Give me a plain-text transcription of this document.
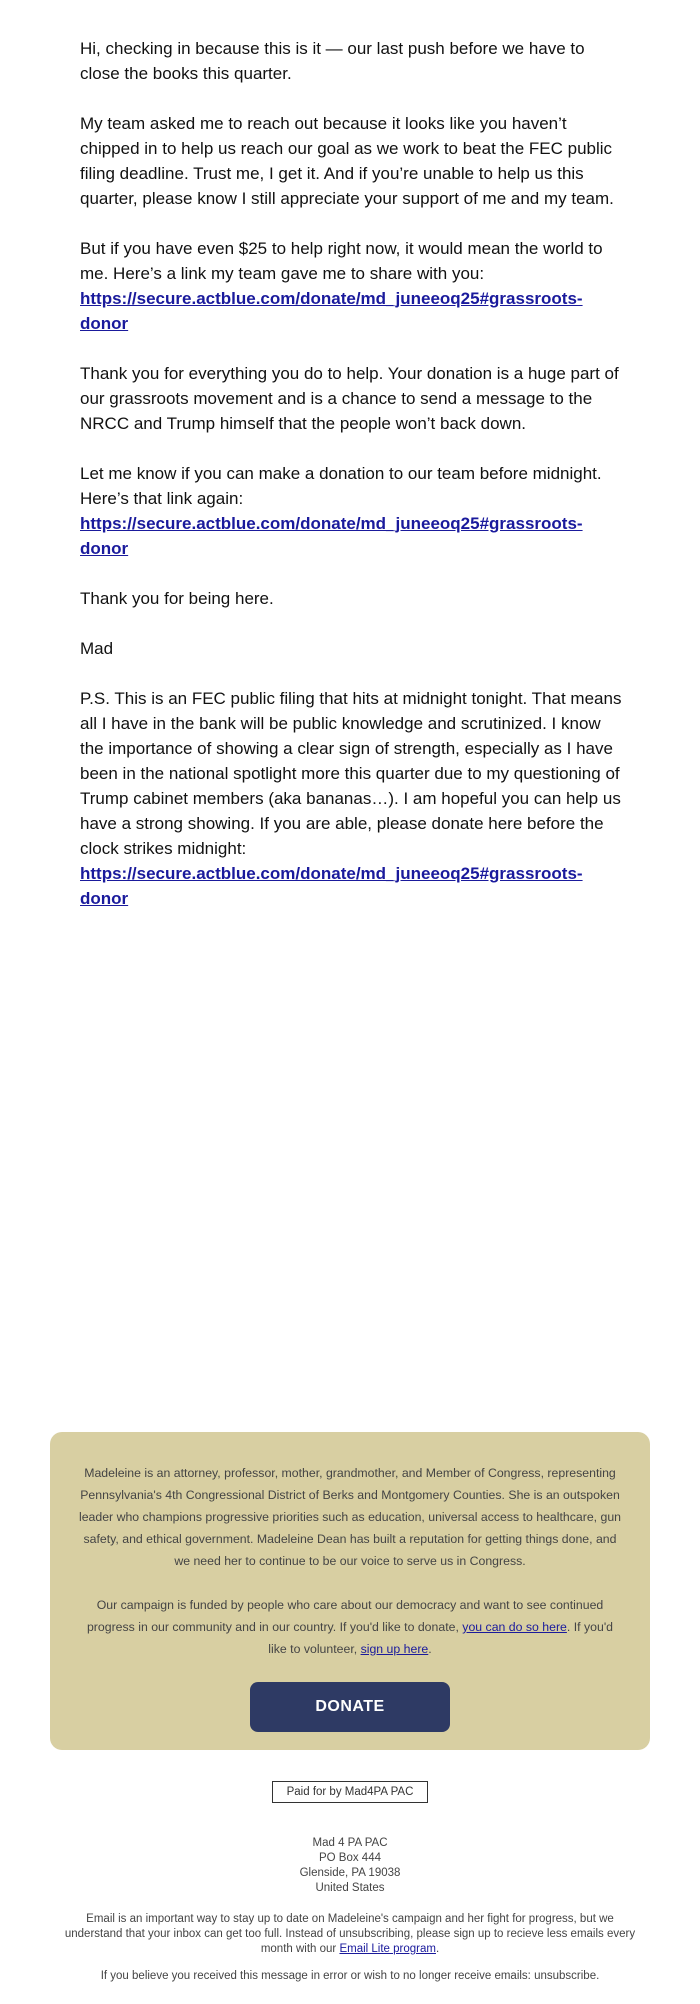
Hi, checking in because this is it — our last push before we have to close the books this quarter.

My team asked me to reach out because it looks like you haven’t chipped in to help us reach our goal as we work to beat the FEC public filing deadline. Trust me, I get it. And if you’re unable to help us this quarter, please know I still appreciate your support of me and my team.

But if you have even $25 to help right now, it would mean the world to me. Here’s a link my team gave me to share with you:
https://secure.actblue.com/donate/md_juneeoq25#grassroots-donor

Thank you for everything you do to help. Your donation is a huge part of our grassroots movement and is a chance to send a message to the NRCC and Trump himself that the people won’t back down.

Let me know if you can make a donation to our team before midnight. Here’s that link again:
https://secure.actblue.com/donate/md_juneeoq25#grassroots-donor

Thank you for being here.

Mad

P.S. This is an FEC public filing that hits at midnight tonight. That means all I have in the bank will be public knowledge and scrutinized. I know the importance of showing a clear sign of strength, especially as I have been in the national spotlight more this quarter due to my questioning of Trump cabinet members (aka bananas…). I am hopeful you can help us have a strong showing. If you are able, please donate here before the clock strikes midnight:
https://secure.actblue.com/donate/md_juneeoq25#grassroots-donor

Madeleine is an attorney, professor, mother, grandmother, and Member of Congress, representing Pennsylvania's 4th Congressional District of Berks and Montgomery Counties. She is an outspoken leader who champions progressive priorities such as education, universal access to healthcare, gun safety, and ethical government. Madeleine Dean has built a reputation for getting things done, and we need her to continue to be our voice to serve us in Congress.

Our campaign is funded by people who care about our democracy and want to see continued progress in our community and in our country. If you'd like to donate, you can do so here. If you'd like to volunteer, sign up here.

DONATE
Paid for by Mad4PA PAC
Mad 4 PA PAC
PO Box 444
Glenside, PA 19038
United States

Email is an important way to stay up to date on Madeleine's campaign and her fight for progress, but we understand that your inbox can get too full. Instead of unsubscribing, please sign up to recieve less emails every month with our Email Lite program.

If you believe you received this message in error or wish to no longer receive emails: unsubscribe.
